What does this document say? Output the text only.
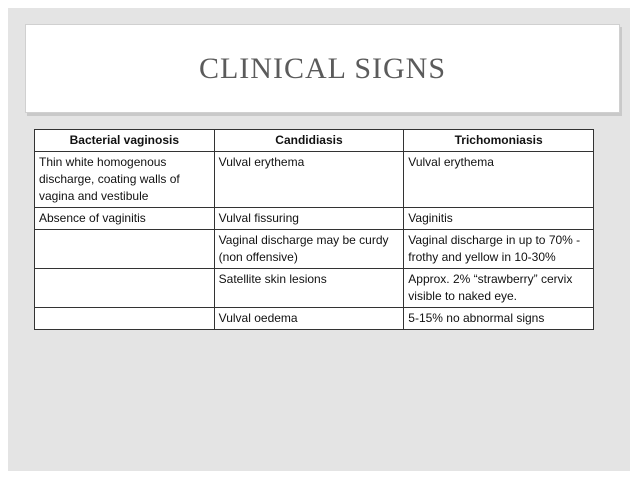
CLINICAL SIGNS
Bacterial vaginosis	Candidiasis	Trichomoniasis
Thin white homogenous discharge, coating walls of vagina and vestibule	Vulval erythema	Vulval erythema
Absence of vaginitis	Vulval fissuring	Vaginitis
	Vaginal discharge may be curdy (non offensive)	Vaginal discharge in up to 70% - frothy and yellow in 10-30%
	Satellite skin lesions	Approx. 2% “strawberry” cervix visible to naked eye.
	Vulval oedema	5-15% no abnormal signs
